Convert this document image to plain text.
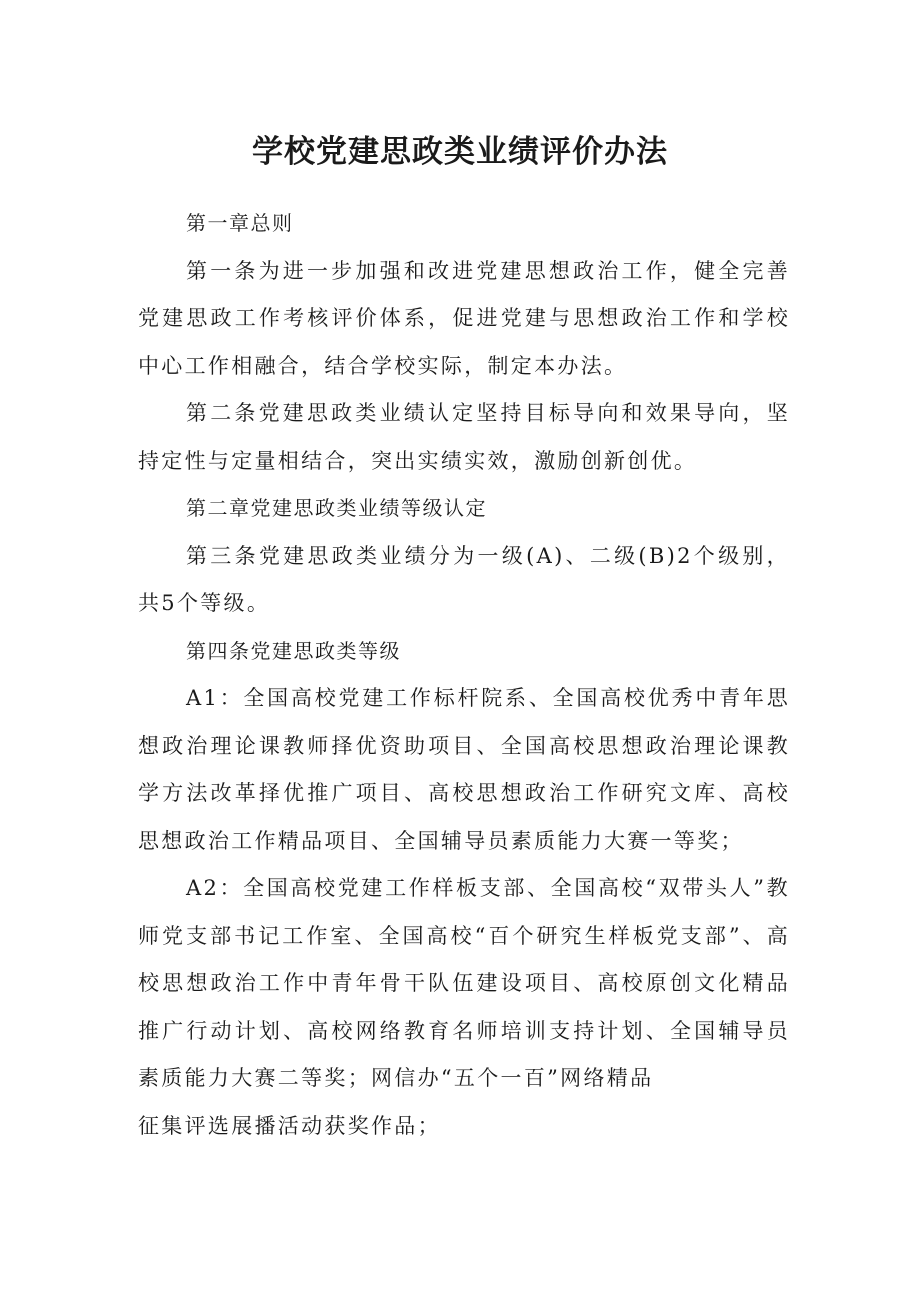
学校党建思政类业绩评价办法

第一章总则

第一条为进一步加强和改进党建思想政治工作，健全完善党建思政工作考核评价体系，促进党建与思想政治工作和学校中心工作相融合，结合学校实际，制定本办法。

第二条党建思政类业绩认定坚持目标导向和效果导向，坚持定性与定量相结合，突出实绩实效，激励创新创优。

第二章党建思政类业绩等级认定

第三条党建思政类业绩分为一级(A)、二级(B)2个级别，共5个等级。

第四条党建思政类等级

A1：全国高校党建工作标杆院系、全国高校优秀中青年思想政治理论课教师择优资助项目、全国高校思想政治理论课教学方法改革择优推广项目、高校思想政治工作研究文库、高校思想政治工作精品项目、全国辅导员素质能力大赛一等奖；

A2：全国高校党建工作样板支部、全国高校“双带头人”教师党支部书记工作室、全国高校“百个研究生样板党支部”、高校思想政治工作中青年骨干队伍建设项目、高校原创文化精品推广行动计划、高校网络教育名师培训支持计划、全国辅导员素质能力大赛二等奖；网信办“五个一百”网络精品

征集评选展播活动获奖作品；
